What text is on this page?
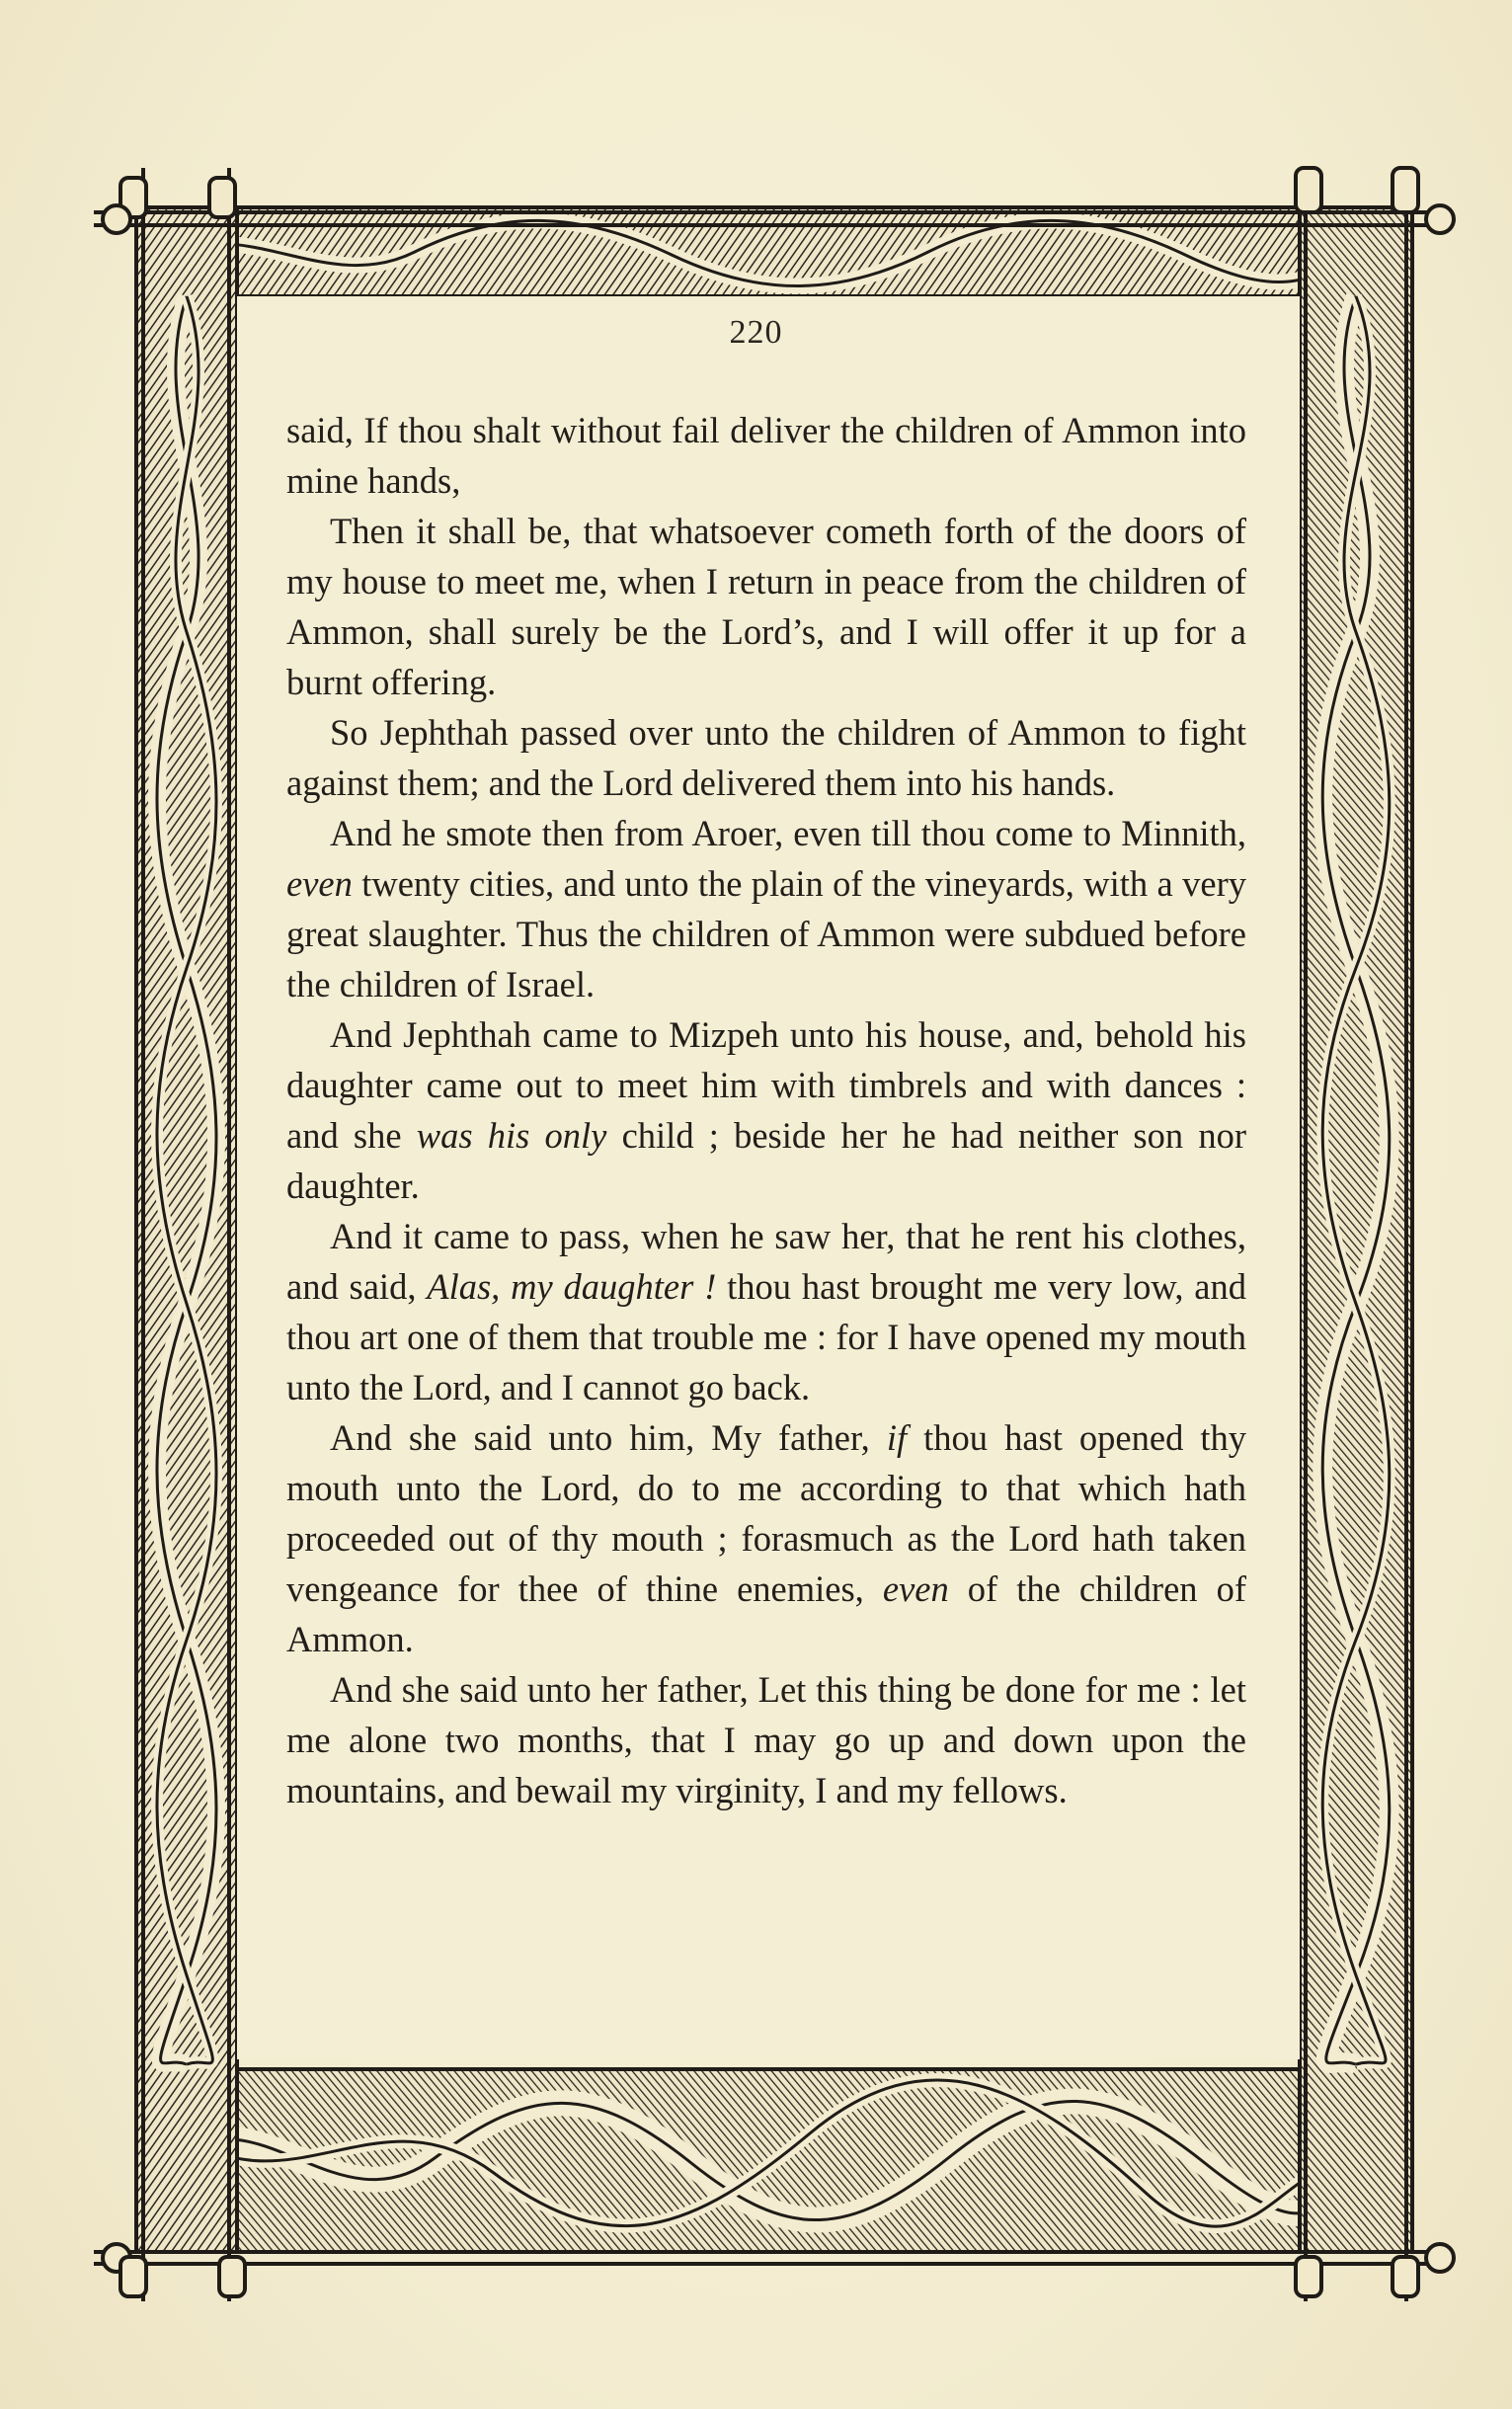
220

said, If thou shalt without fail deliver the children of Ammon into mine hands,

Then it shall be, that whatsoever cometh forth of the doors of my house to meet me, when I return in peace from the children of Ammon, shall surely be the Lord’s, and I will offer it up for a burnt offering.

So Jephthah passed over unto the children of Ammon to fight against them; and the Lord delivered them into his hands.

And he smote then from Aroer, even till thou come to Minnith, even twenty cities, and unto the plain of the vineyards, with a very great slaughter. Thus the children of Ammon were subdued before the children of Israel.

And Jephthah came to Mizpeh unto his house, and, behold his daughter came out to meet him with timbrels and with dances : and she was his only child ; beside her he had neither son nor daughter.

And it came to pass, when he saw her, that he rent his clothes, and said, Alas, my daughter ! thou hast brought me very low, and thou art one of them that trouble me : for I have opened my mouth unto the Lord, and I cannot go back.

And she said unto him, My father, if thou hast opened thy mouth unto the Lord, do to me according to that which hath proceeded out of thy mouth ; forasmuch as the Lord hath taken vengeance for thee of thine enemies, even of the children of Ammon.

And she said unto her father, Let this thing be done for me : let me alone two months, that I may go up and down upon the mountains, and bewail my virginity, I and my fellows.
